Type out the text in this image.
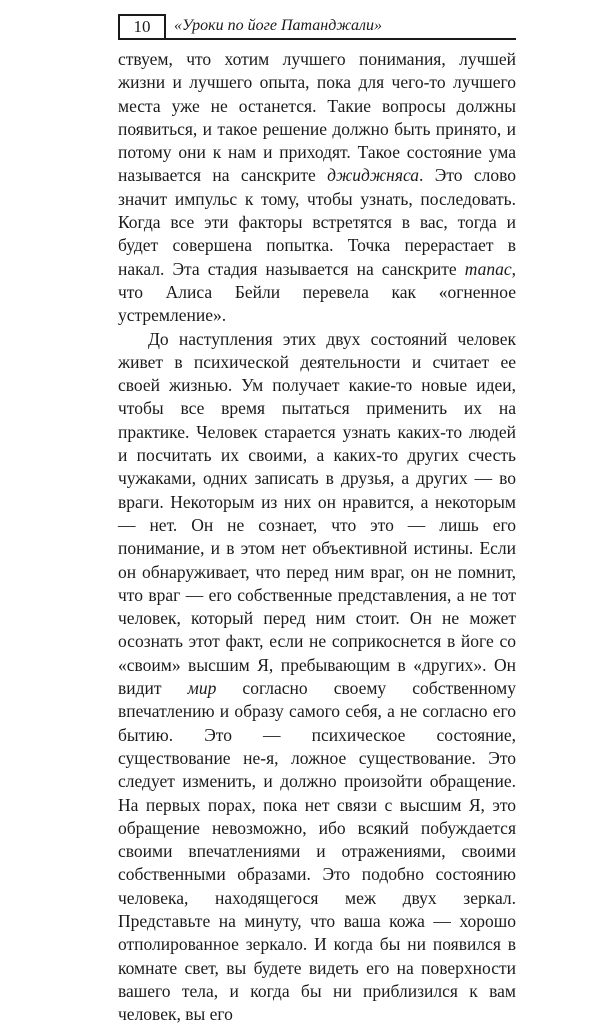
10	«Уроки по йоге Патанджали»

ствуем, что хотим лучшего понимания, лучшей жизни и лучшего опыта, пока для чего-то лучшего места уже не останется. Такие вопросы должны появиться, и такое решение должно быть принято, и потому они к нам и приходят. Такое состояние ума называется на санскрите джиджняса. Это слово значит импульс к тому, чтобы узнать, последовать. Когда все эти факторы встретятся в вас, тогда и будет совершена попытка. Точка перерастает в накал. Эта стадия называется на санскрите тапас, что Алиса Бейли перевела как «огненное устремление».

До наступления этих двух состояний человек живет в психической деятельности и считает ее своей жизнью. Ум получает какие-то новые идеи, чтобы все время пытаться применить их на практике. Человек старается узнать каких-то людей и посчитать их своими, а каких-то других счесть чужаками, одних записать в друзья, а других — во враги. Некоторым из них он нравится, а некоторым — нет. Он не сознает, что это — лишь его понимание, и в этом нет объективной истины. Если он обнаруживает, что перед ним враг, он не помнит, что враг — его собственные представления, а не тот человек, который перед ним стоит. Он не может осознать этот факт, если не соприкоснется в йоге со «своим» высшим Я, пребывающим в «других». Он видит мир согласно своему собственному впечатлению и образу самого себя, а не согласно его бытию. Это — психическое состояние, существование не-я, ложное существование. Это следует изменить, и должно произойти обращение. На первых порах, пока нет связи с высшим Я, это обращение невозможно, ибо всякий побуждается своими впечатлениями и отражениями, своими собственными образами. Это подобно состоянию человека, находящегося меж двух зеркал. Представьте на минуту, что ваша кожа — хорошо отполированное зеркало. И когда бы ни появился в комнате свет, вы будете видеть его на поверхности вашего тела, и когда бы ни приблизился к вам человек, вы его
